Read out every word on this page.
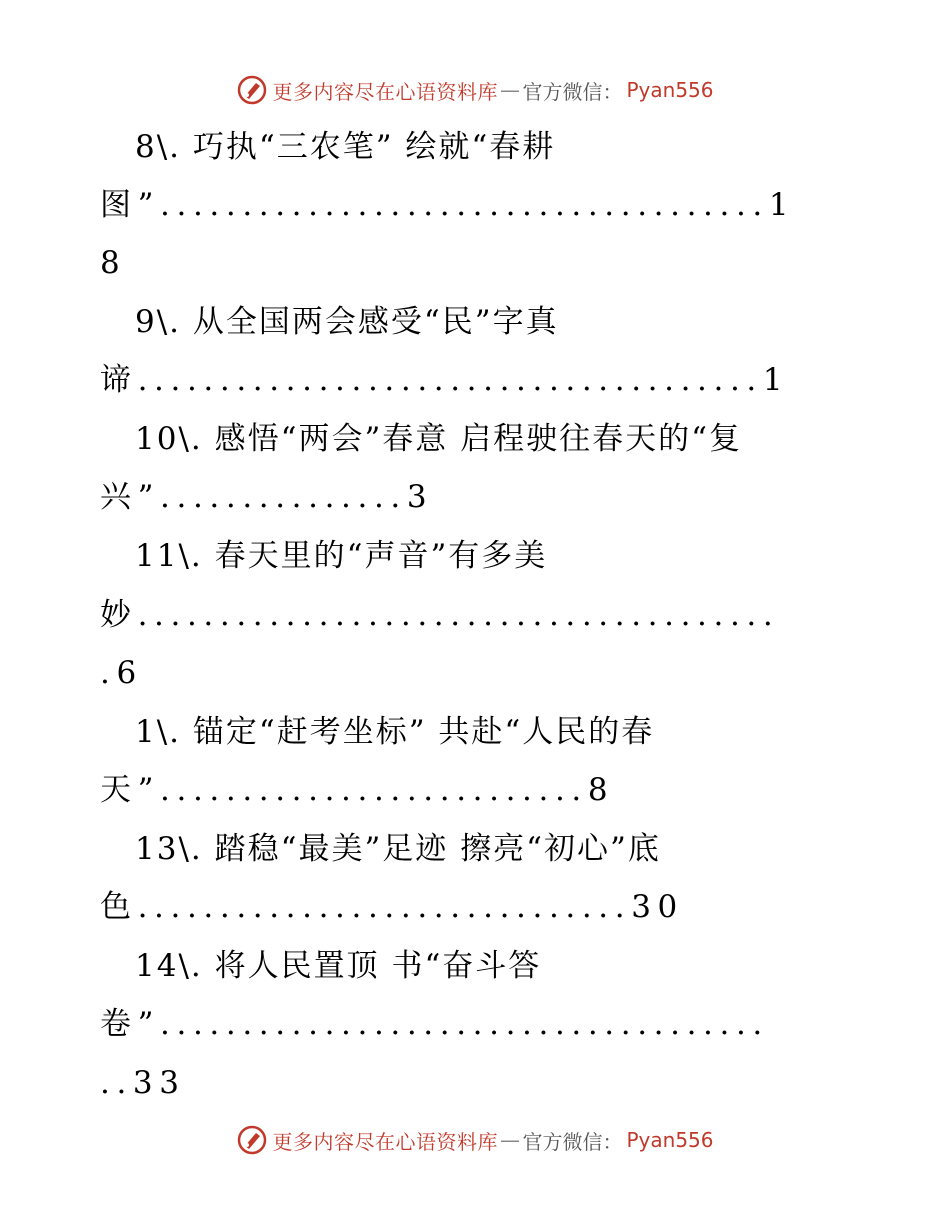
更多内容尽在心语资料库 — 官方微信： Pyan556
8\. 巧执“三农笔” 绘就“春耕
图”.....................................1
8
9\. 从全国两会感受“民”字真
谛......................................1
10\. 感悟“两会”春意 启程驶往春天的“复
兴”...............3
11\. 春天里的“声音”有多美
妙.......................................
.6
1\. 锚定“赶考坐标” 共赴“人民的春
天”..........................8
13\. 踏稳“最美”足迹 擦亮“初心”底
色..............................30
14\. 将人民置顶 书“奋斗答
卷”.....................................
..33
更多内容尽在心语资料库 — 官方微信： Pyan556
